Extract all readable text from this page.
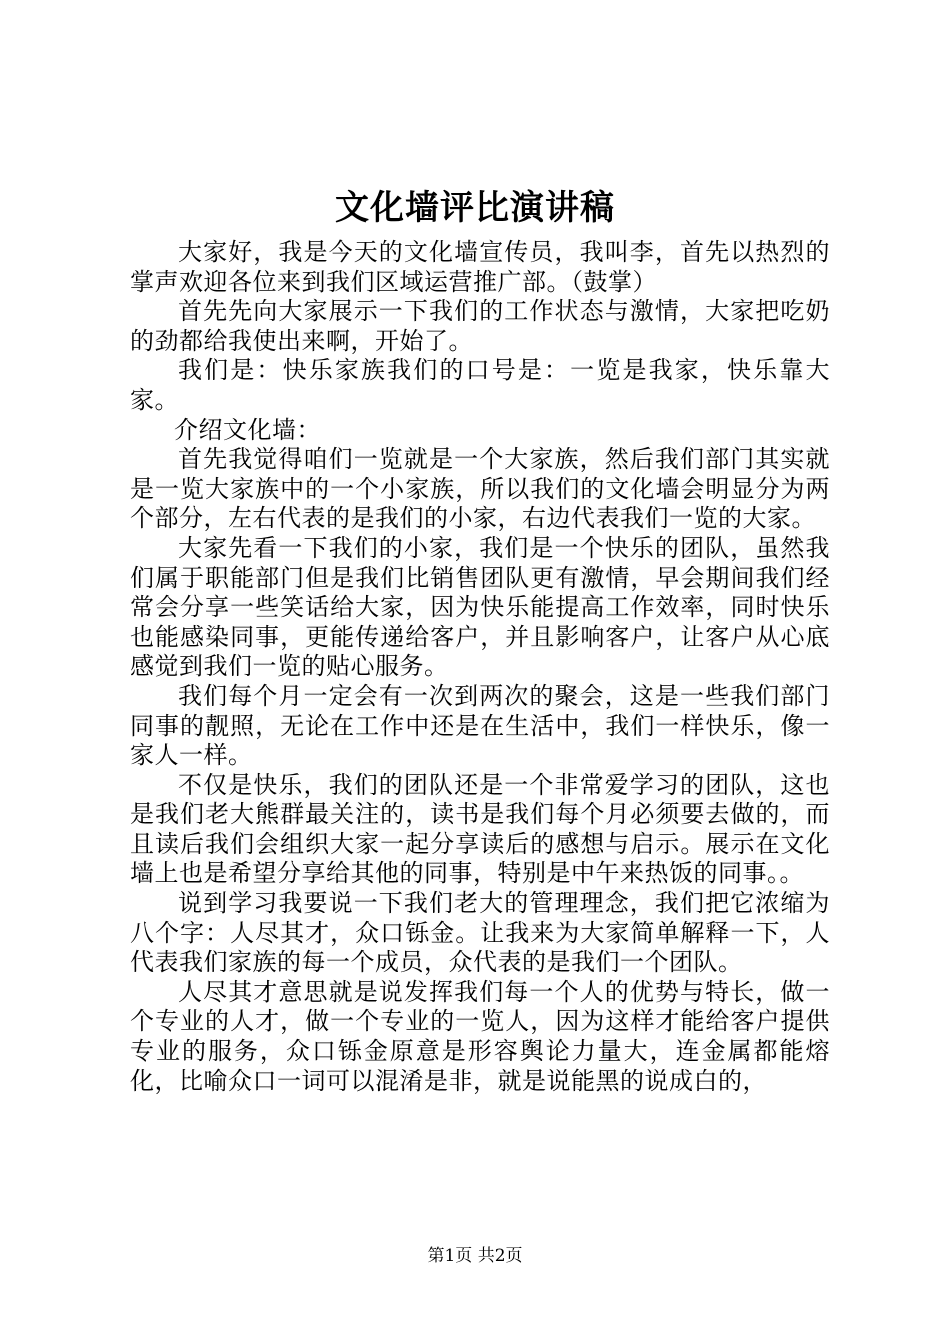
文化墙评比演讲稿

大家好，我是今天的文化墙宣传员，我叫李，首先以热烈的掌声欢迎各位来到我们区域运营推广部。（鼓掌）

首先先向大家展示一下我们的工作状态与激情，大家把吃奶的劲都给我使出来啊，开始了。

我们是：快乐家族我们的口号是：一览是我家，快乐靠大家。

介绍文化墙：

首先我觉得咱们一览就是一个大家族，然后我们部门其实就是一览大家族中的一个小家族，所以我们的文化墙会明显分为两个部分，左右代表的是我们的小家，右边代表我们一览的大家。

大家先看一下我们的小家，我们是一个快乐的团队，虽然我们属于职能部门但是我们比销售团队更有激情，早会期间我们经常会分享一些笑话给大家，因为快乐能提高工作效率，同时快乐也能感染同事，更能传递给客户，并且影响客户，让客户从心底感觉到我们一览的贴心服务。

我们每个月一定会有一次到两次的聚会，这是一些我们部门同事的靓照，无论在工作中还是在生活中，我们一样快乐，像一家人一样。

不仅是快乐，我们的团队还是一个非常爱学习的团队，这也是我们老大熊群最关注的，读书是我们每个月必须要去做的，而且读后我们会组织大家一起分享读后的感想与启示。展示在文化墙上也是希望分享给其他的同事，特别是中午来热饭的同事。。

说到学习我要说一下我们老大的管理理念，我们把它浓缩为八个字：人尽其才，众口铄金。让我来为大家简单解释一下，人代表我们家族的每一个成员，众代表的是我们一个团队。

人尽其才意思就是说发挥我们每一个人的优势与特长，做一个专业的人才，做一个专业的一览人，因为这样才能给客户提供专业的服务，众口铄金原意是形容舆论力量大，连金属都能熔化，比喻众口一词可以混淆是非，就是说能黑的说成白的，

第1页 共2页
